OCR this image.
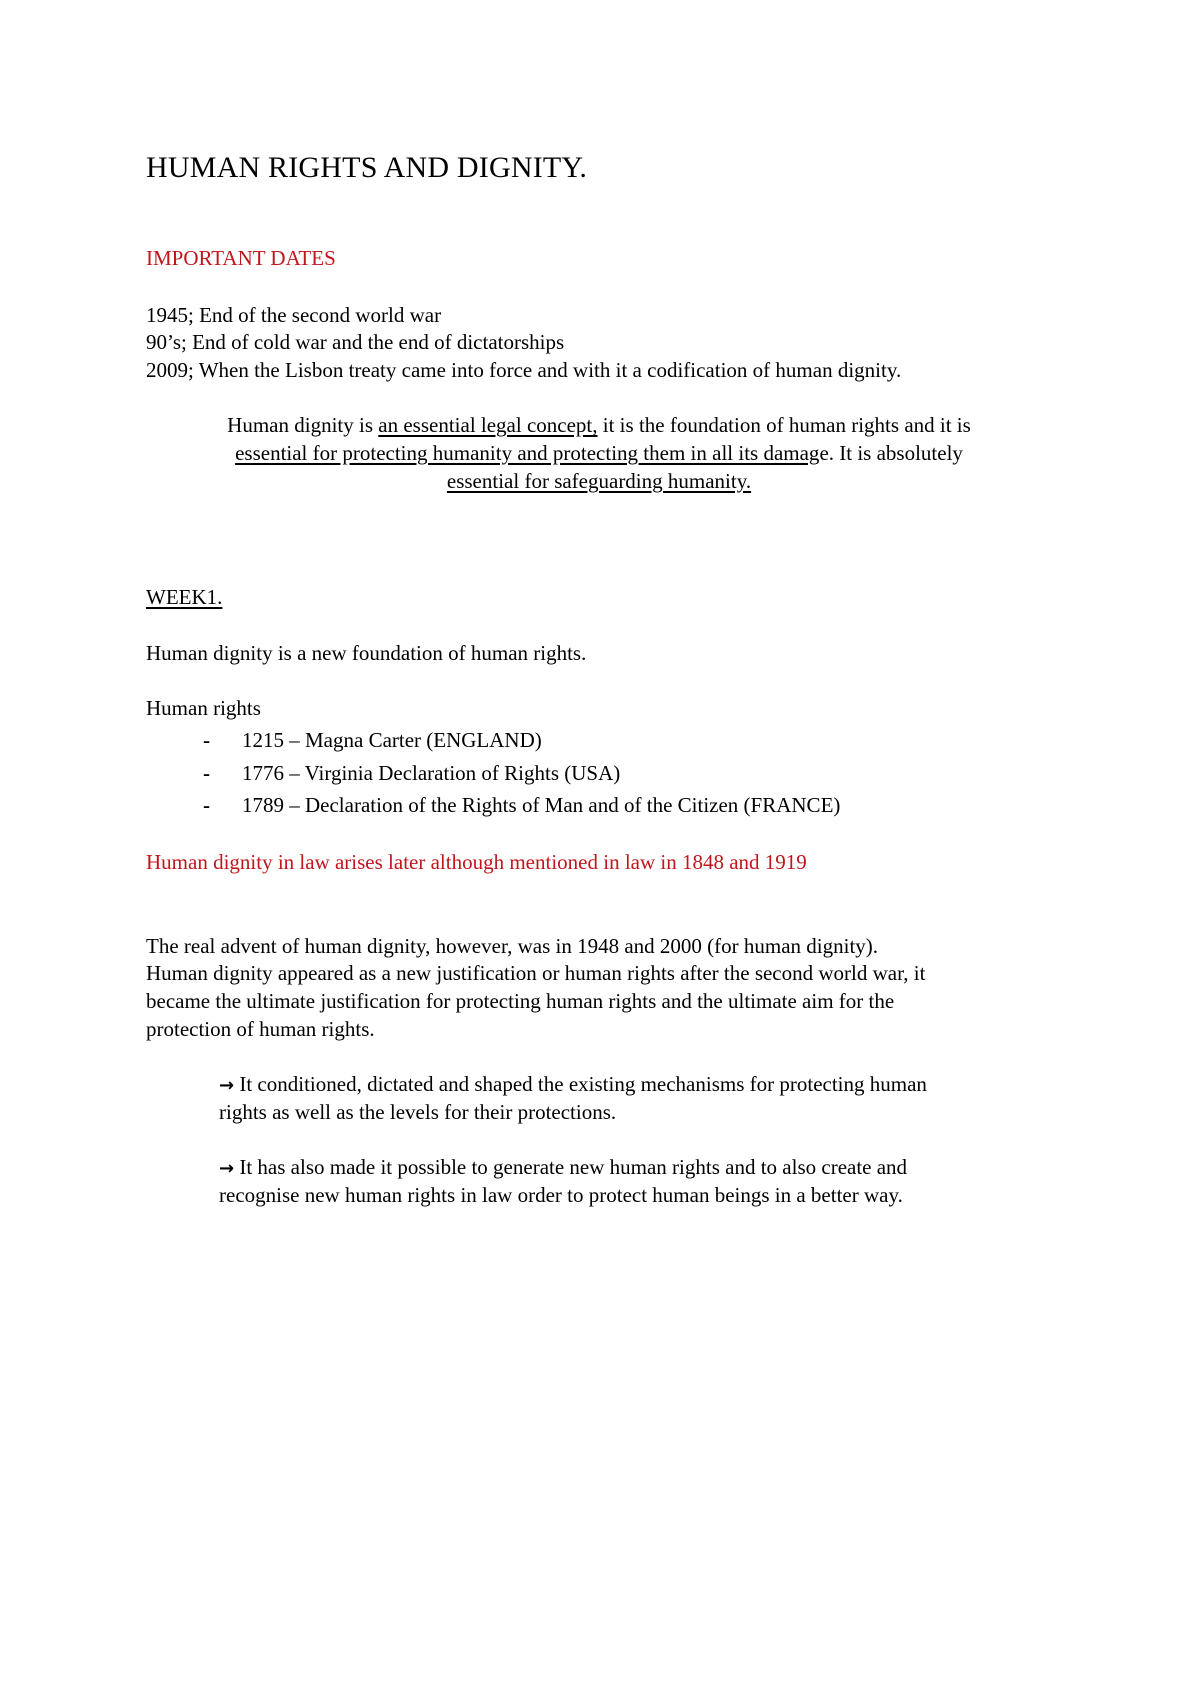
HUMAN RIGHTS AND DIGNITY.
IMPORTANT DATES
1945; End of the second world war
90’s; End of cold war and the end of dictatorships
2009; When the Lisbon treaty came into force and with it a codification of human dignity.
Human dignity is an essential legal concept, it is the foundation of human rights and it is
essential for protecting humanity and protecting them in all its damage. It is absolutely
essential for safeguarding humanity.
WEEK1.
Human dignity is a new foundation of human rights.
Human rights
- 1215 – Magna Carter (ENGLAND)
- 1776 – Virginia Declaration of Rights (USA)
- 1789 – Declaration of the Rights of Man and of the Citizen (FRANCE)
Human dignity in law arises later although mentioned in law in 1848 and 1919
The real advent of human dignity, however, was in 1948 and 2000 (for human dignity).
Human dignity appeared as a new justification or human rights after the second world war, it
became the ultimate justification for protecting human rights and the ultimate aim for the
protection of human rights.
→ It conditioned, dictated and shaped the existing mechanisms for protecting human
rights as well as the levels for their protections.
→ It has also made it possible to generate new human rights and to also create and
recognise new human rights in law order to protect human beings in a better way.
